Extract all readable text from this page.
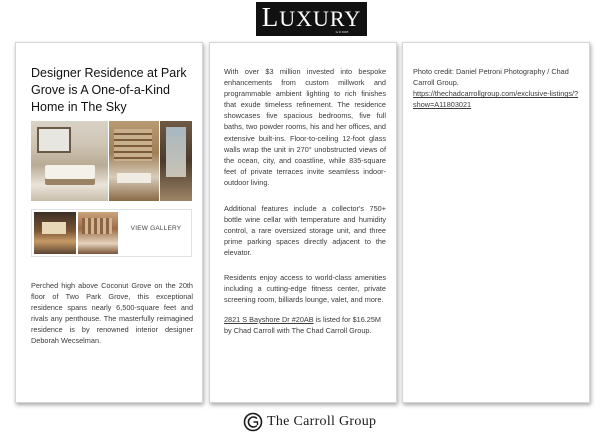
LUXURY
GUIDE
Designer Residence at Park Grove is A One-of-a-Kind Home in The Sky
VIEW GALLERY

Perched high above Coconut Grove on the 20th floor of Two Park Grove, this exceptional residence spans nearly 6,500-square feet and rivals any penthouse. The masterfully reimagined residence is by renowned interior designer Deborah Wecselman.

With over $3 million invested into bespoke enhancements from custom millwork and programmable ambient lighting to rich finishes that exude timeless refinement. The residence showcases five spacious bedrooms, five full baths, two powder rooms, his and her offices, and extensive built-ins. Floor-to-ceiling 12-foot glass walls wrap the unit in 270° unobstructed views of the ocean, city, and coastline, while 835-square feet of private terraces invite seamless indoor-outdoor living.

Additional features include a collector's 750+ bottle wine cellar with temperature and humidity control, a rare oversized storage unit, and three prime parking spaces directly adjacent to the elevator.

Residents enjoy access to world-class amenities including a cutting-edge fitness center, private screening room, billiards lounge, valet, and more.

2821 S Bayshore Dr #20AB is listed for $16.25M by Chad Carroll with The Chad Carroll Group.

Photo credit: Daniel Petroni Photography / Chad Carroll Group.
https://thechadcarrollgroup.com/exclusive-listings/?show=A11803021

The Carroll Group
